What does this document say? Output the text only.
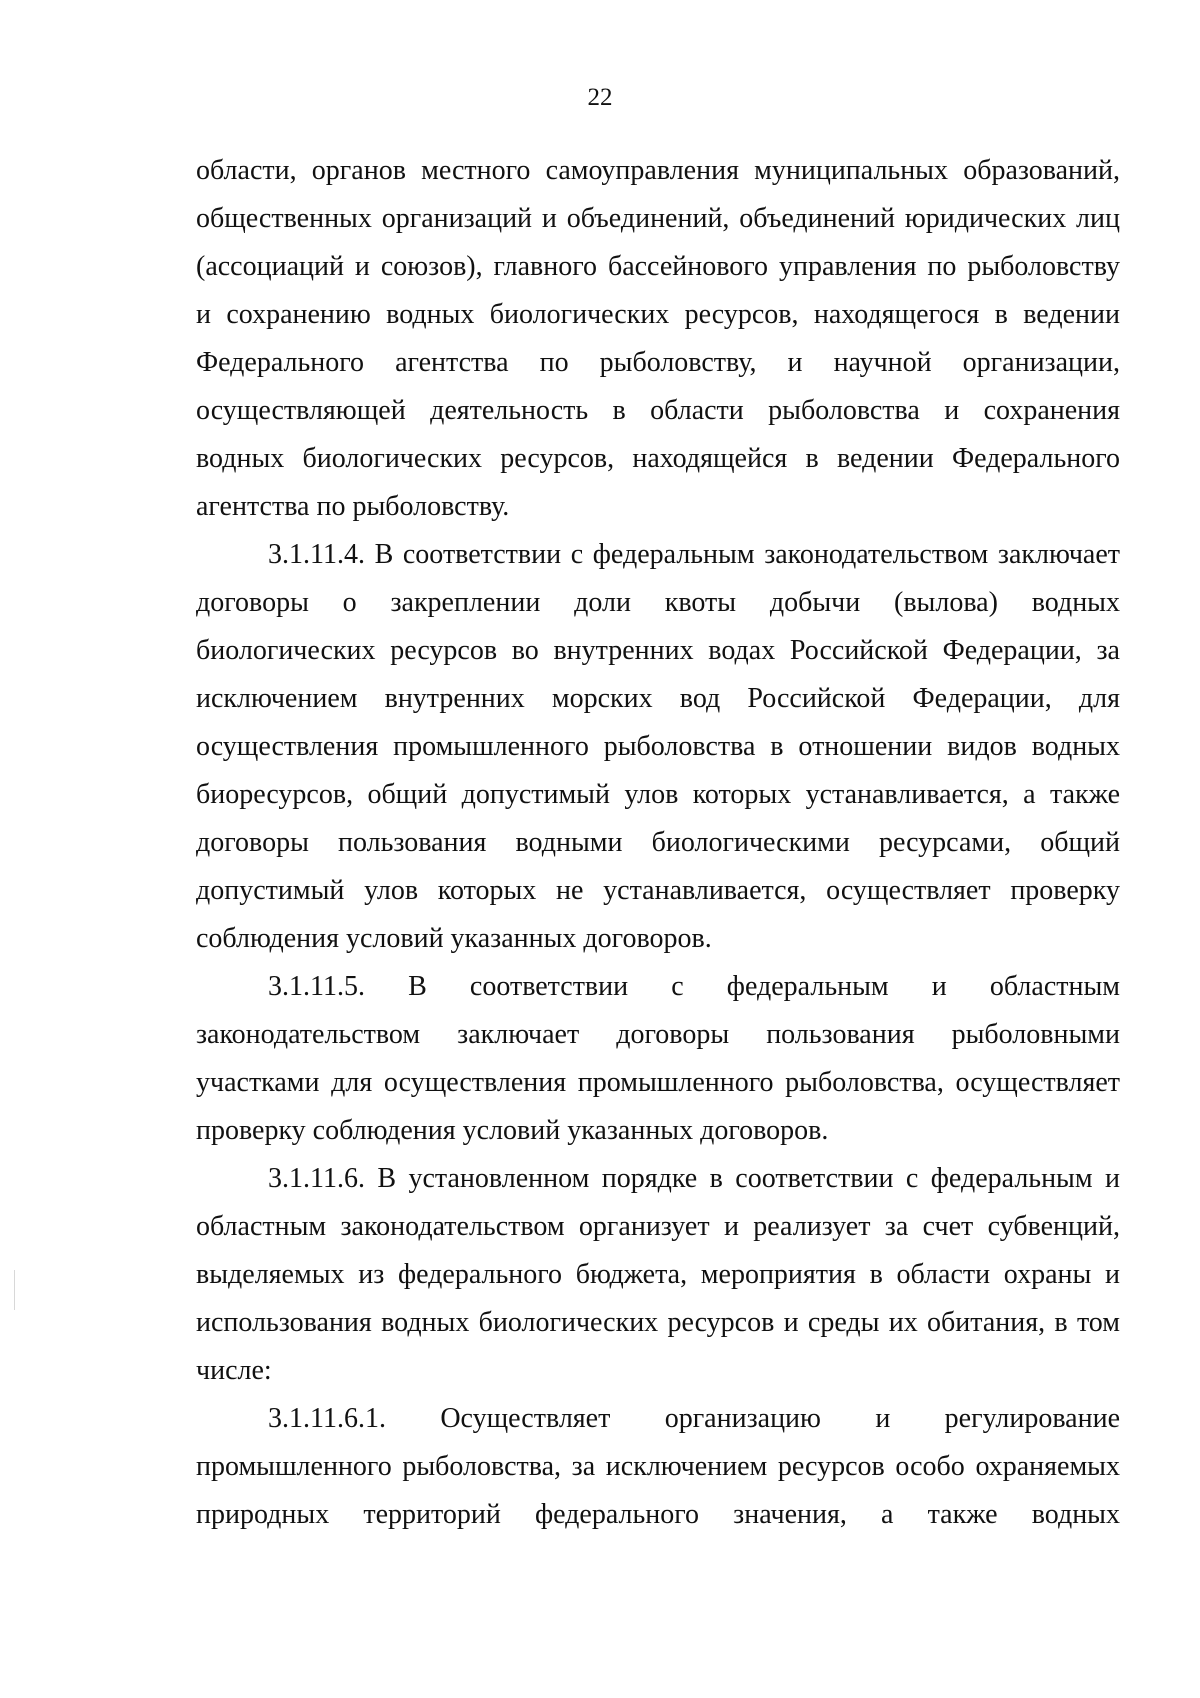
22
области, органов местного самоуправления муниципальных образований,
общественных организаций и объединений, объединений юридических лиц
(ассоциаций и союзов), главного бассейнового управления по рыболовству
и сохранению водных биологических ресурсов, находящегося в ведении
Федерального агентства по рыболовству, и научной организации,
осуществляющей деятельность в области рыболовства и сохранения
водных биологических ресурсов, находящейся в ведении Федерального
агентства по рыболовству.
3.1.11.4. В соответствии с федеральным законодательством заключает
договоры о закреплении доли квоты добычи (вылова) водных
биологических ресурсов во внутренних водах Российской Федерации, за
исключением внутренних морских вод Российской Федерации, для
осуществления промышленного рыболовства в отношении видов водных
биоресурсов, общий допустимый улов которых устанавливается, а также
договоры пользования водными биологическими ресурсами, общий
допустимый улов которых не устанавливается, осуществляет проверку
соблюдения условий указанных договоров.
3.1.11.5. В соответствии с федеральным и областным
законодательством заключает договоры пользования рыболовными
участками для осуществления промышленного рыболовства, осуществляет
проверку соблюдения условий указанных договоров.
3.1.11.6. В установленном порядке в соответствии с федеральным и
областным законодательством организует и реализует за счет субвенций,
выделяемых из федерального бюджета, мероприятия в области охраны и
использования водных биологических ресурсов и среды их обитания, в том
числе:
3.1.11.6.1. Осуществляет организацию и регулирование
промышленного рыболовства, за исключением ресурсов особо охраняемых
природных территорий федерального значения, а также водных
